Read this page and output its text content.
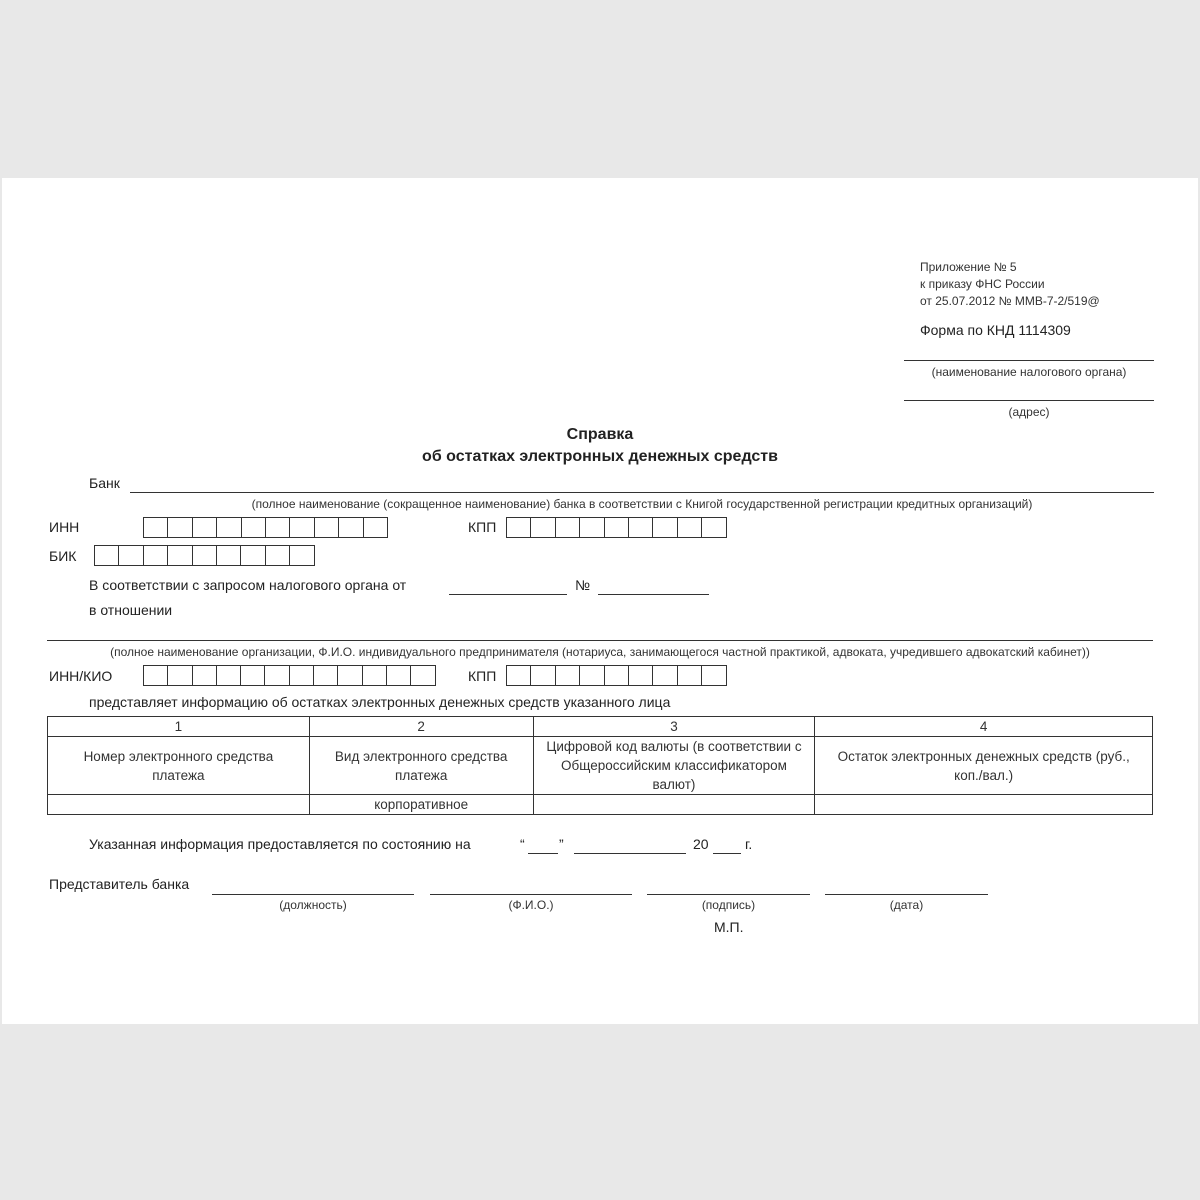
Приложение № 5
к приказу ФНС России
от 25.07.2012 № ММВ-7-2/519@
Форма по КНД 1114309
(наименование налогового органа)
(адрес)
Справка
об остатках электронных денежных средств
Банк
(полное наименование (сокращенное наименование) банка в соответствии с Книгой государственной регистрации кредитных организаций)
ИНН	КПП
БИК
В соответствии с запросом налогового органа от	№
в отношении
(полное наименование организации, Ф.И.О. индивидуального предпринимателя (нотариуса, занимающегося частной практикой, адвоката, учредившего адвокатский кабинет))
ИНН/КИО	КПП
представляет информацию об остатках электронных денежных средств указанного лица
1	2	3	4
Номер электронного средства платежа	Вид электронного средства платежа	Цифровой код валюты (в соответствии с Общероссийским классификатором валют)	Остаток электронных денежных средств (руб., коп./вал.)
	корпоративное		
Указанная информация предоставляется по состоянию на	“ ”	20	г.
Представитель банка
(должность)	(Ф.И.О.)	(подпись)	(дата)
М.П.
